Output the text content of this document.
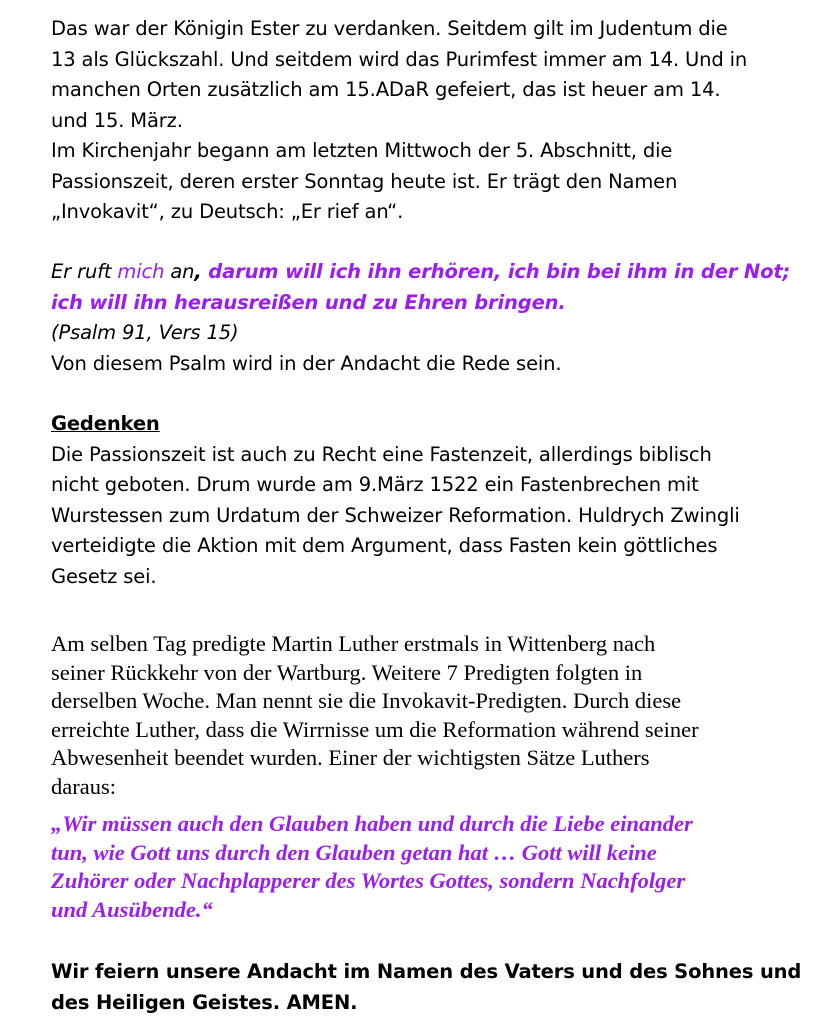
Das war der Königin Ester zu verdanken. Seitdem gilt im Judentum die
13 als Glückszahl. Und seitdem wird das Purimfest immer am 14. Und in
manchen Orten zusätzlich am 15.ADaR gefeiert, das ist heuer am 14.
und 15. März.
Im Kirchenjahr begann am letzten Mittwoch der 5. Abschnitt, die
Passionszeit, deren erster Sonntag heute ist. Er trägt den Namen
„Invokavit“, zu Deutsch: „Er rief an“.
Er ruft mich an, darum will ich ihn erhören, ich bin bei ihm in der Not;
ich will ihn herausreißen und zu Ehren bringen.
(Psalm 91, Vers 15)
Von diesem Psalm wird in der Andacht die Rede sein.
Gedenken
Die Passionszeit ist auch zu Recht eine Fastenzeit, allerdings biblisch
nicht geboten. Drum wurde am 9.März 1522 ein Fastenbrechen mit
Wurstessen zum Urdatum der Schweizer Reformation. Huldrych Zwingli
verteidigte die Aktion mit dem Argument, dass Fasten kein göttliches
Gesetz sei.
Am selben Tag predigte Martin Luther erstmals in Wittenberg nach
seiner Rückkehr von der Wartburg. Weitere 7 Predigten folgten in
derselben Woche. Man nennt sie die Invokavit-Predigten. Durch diese
erreichte Luther, dass die Wirrnisse um die Reformation während seiner
Abwesenheit beendet wurden. Einer der wichtigsten Sätze Luthers
daraus:
„Wir müssen auch den Glauben haben und durch die Liebe einander
tun, wie Gott uns durch den Glauben getan hat … Gott will keine
Zuhörer oder Nachplapperer des Wortes Gottes, sondern Nachfolger
und Ausübende.“
Wir feiern unsere Andacht im Namen des Vaters und des Sohnes und
des Heiligen Geistes. AMEN.
